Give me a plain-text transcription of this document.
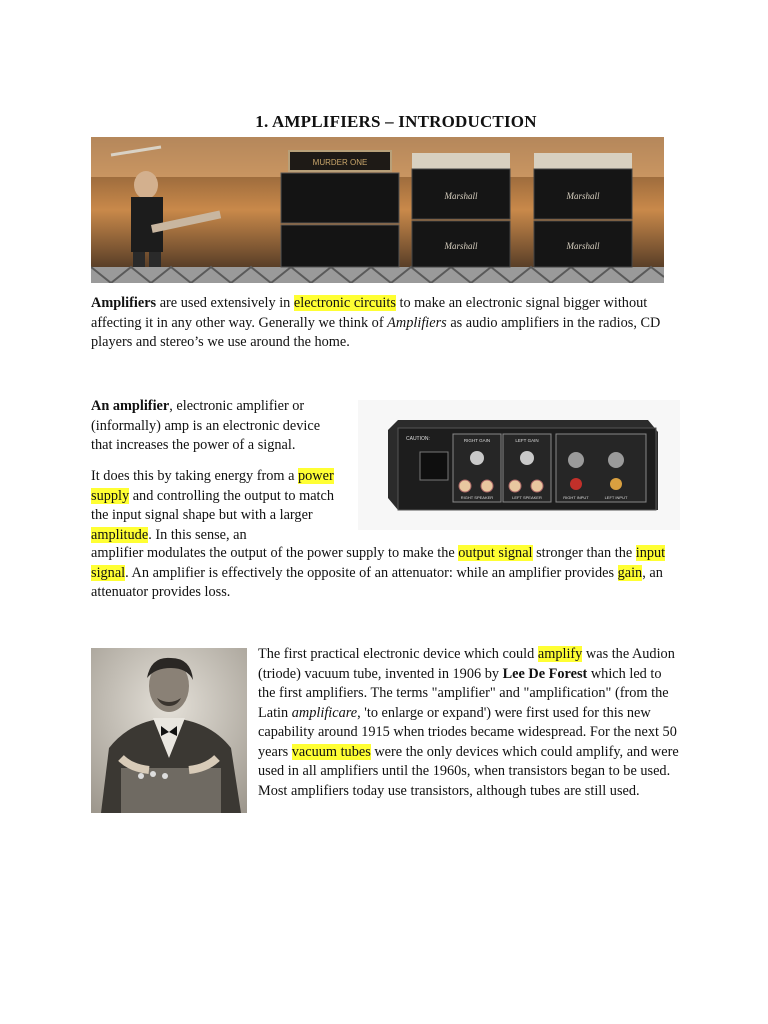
1. AMPLIFIERS – INTRODUCTION
MURDER ONE
Marshall
Marshall
Marshall
Marshall

Amplifiers are used extensively in electronic circuits to make an electronic signal bigger without affecting it in any other way. Generally we think of Amplifiers as audio amplifiers in the radios, CD players and stereo’s we use around the home.

An amplifier, electronic amplifier or (informally) amp is an electronic device that increases the power of a signal.

It does this by taking energy from a power supply and controlling the output to match the input signal shape but with a larger amplitude. In this sense, an

amplifier modulates the output of the power supply to make the output signal stronger than the input signal. An amplifier is effectively the opposite of an attenuator: while an amplifier provides gain, an attenuator provides loss.

CAUTION:	RIGHT GAIN	LEFT GAIN
RIGHT SPEAKER	LEFT SPEAKER	RIGHT INPUT	LEFT INPUT

The first practical electronic device which could amplify was the Audion (triode) vacuum tube, invented in 1906 by Lee De Forest which led to the first amplifiers. The terms "amplifier" and "amplification" (from the Latin amplificare, 'to enlarge or expand') were first used for this new capability around 1915 when triodes became widespread. For the next 50 years vacuum tubes were the only devices which could amplify, and were used in all amplifiers until the 1960s, when transistors began to be used. Most amplifiers today use transistors, although tubes are still used.
